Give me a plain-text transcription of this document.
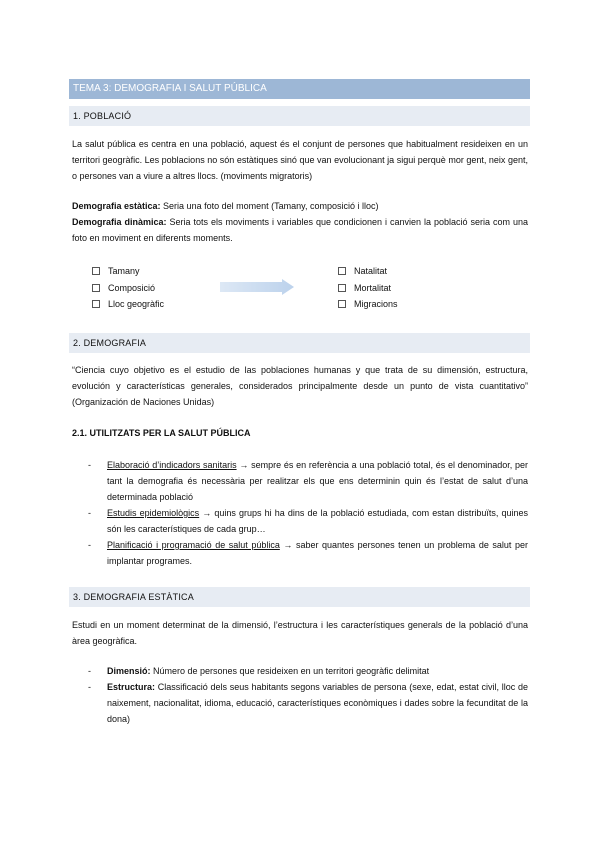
TEMA 3: DEMOGRAFIA I SALUT PÚBLICA
1. POBLACIÓ
La salut pública es centra en una població, aquest és el conjunt de persones que habitualment resideixen en un territori geogràfic. Les poblacions no són estàtiques sinó que van evolucionant ja sigui perquè mor gent, neix gent, o persones van a viure a altres llocs. (moviments migratoris)
Demografia estàtica: Seria una foto del moment (Tamany, composició i lloc)
Demografia dinàmica: Seria tots els moviments i variables que condicionen i canvien la població seria com una foto en moviment en diferents moments.
Tamany
Composició
Lloc geogràfic
Natalitat
Mortalitat
Migracions
2. DEMOGRAFIA
“Ciencia cuyo objetivo es el estudio de las poblaciones humanas y que trata de su dimensión, estructura, evolución y características generales, considerados principalmente desde un punto de vista cuantitativo” (Organización de Naciones Unidas)
2.1. UTILITZATS PER LA SALUT PÚBLICA
-	Elaboració d’indicadors sanitaris → sempre és en referència a una població total, és el denominador, per tant la demografia és necessària per realitzar els que ens determinin quin és l’estat de salut d’una determinada població
-	Estudis epidemiològics → quins grups hi ha dins de la població estudiada, com estan distribuïts, quines són les característiques de cada grup…
-	Planificació i programació de salut pública → saber quantes persones tenen un problema de salut per implantar programes.
3. DEMOGRAFIA ESTÀTICA
Estudi en un moment determinat de la dimensió, l’estructura i les característiques generals de la població d’una àrea geogràfica.
-	Dimensió: Número de persones que resideixen en un territori geogràfic delimitat
-	Estructura: Classificació dels seus habitants segons variables de persona (sexe, edat, estat civil, lloc de naixement, nacionalitat, idioma, educació, característiques econòmiques i dades sobre la fecunditat de la dona)
